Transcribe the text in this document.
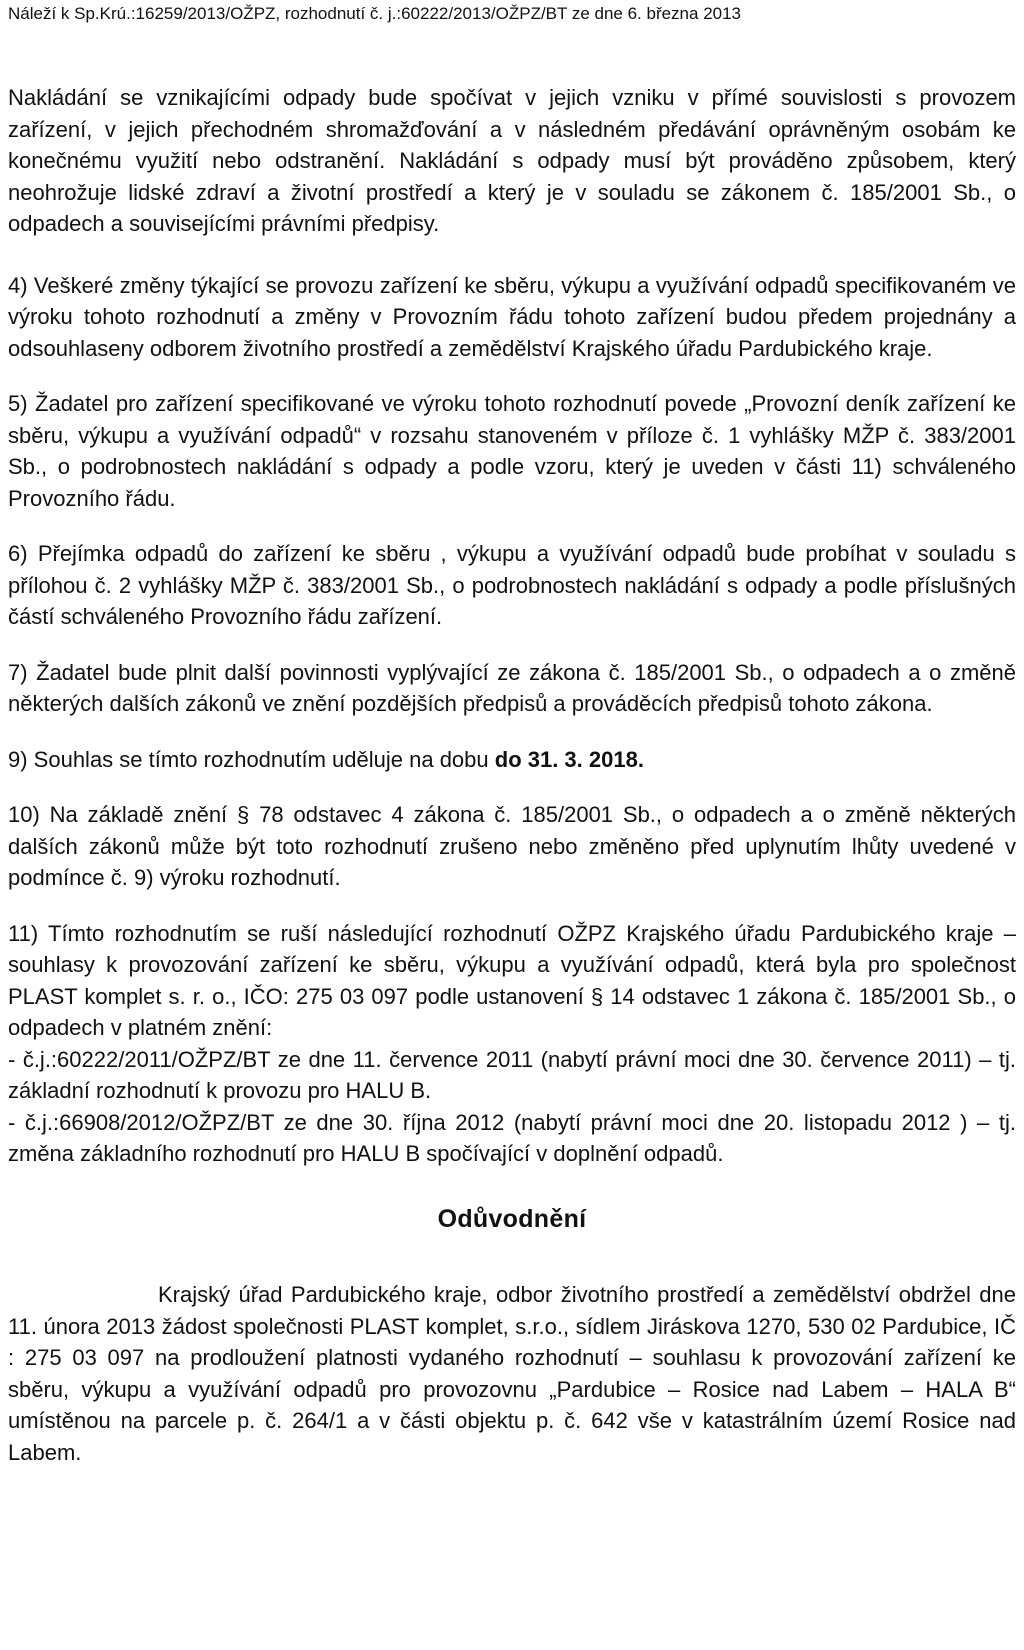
Náleží k Sp.Krú.:16259/2013/OŽPZ, rozhodnutí č. j.:60222/2013/OŽPZ/BT ze dne 6. března 2013

Nakládání se vznikajícími odpady bude spočívat v jejich vzniku v přímé souvislosti s provozem zařízení, v jejich přechodném shromažďování a v následném předávání oprávněným osobám ke konečnému využití nebo odstranění. Nakládání s odpady musí být prováděno způsobem, který neohrožuje lidské zdraví a životní prostředí a který je v souladu se zákonem č. 185/2001 Sb., o odpadech a souvisejícími právními předpisy.

4) Veškeré změny týkající se provozu zařízení ke sběru, výkupu a využívání odpadů specifikovaném ve výroku tohoto rozhodnutí a změny v Provozním řádu tohoto zařízení budou předem projednány a odsouhlaseny odborem životního prostředí a zemědělství Krajského úřadu Pardubického kraje.

5) Žadatel pro zařízení specifikované ve výroku tohoto rozhodnutí povede „Provozní deník zařízení ke sběru, výkupu a využívání odpadů“ v rozsahu stanoveném v příloze č. 1 vyhlášky MŽP č. 383/2001 Sb., o podrobnostech nakládání s odpady a podle vzoru, který je uveden v části 11) schváleného Provozního řádu.

6) Přejímka odpadů do zařízení ke sběru , výkupu a využívání odpadů bude probíhat v souladu s přílohou č. 2 vyhlášky MŽP č. 383/2001 Sb., o podrobnostech nakládání s odpady a podle příslušných částí schváleného Provozního řádu zařízení.

7) Žadatel bude plnit další povinnosti vyplývající ze zákona č. 185/2001 Sb., o odpadech a o změně některých dalších zákonů ve znění pozdějších předpisů a prováděcích předpisů tohoto zákona.

9) Souhlas se tímto rozhodnutím uděluje na dobu do 31. 3. 2018.

10) Na základě znění § 78 odstavec 4 zákona č. 185/2001 Sb., o odpadech a o změně některých dalších zákonů může být toto rozhodnutí zrušeno nebo změněno před uplynutím lhůty uvedené v podmínce č. 9) výroku rozhodnutí.

11) Tímto rozhodnutím se ruší následující rozhodnutí OŽPZ Krajského úřadu Pardubického kraje – souhlasy k provozování zařízení ke sběru, výkupu a využívání odpadů, která byla pro společnost PLAST komplet s. r. o., IČO: 275 03 097 podle ustanovení § 14 odstavec 1 zákona č. 185/2001 Sb., o odpadech v platném znění:

- č.j.:60222/2011/OŽPZ/BT ze dne 11. července 2011 (nabytí právní moci dne 30. července 2011) – tj. základní rozhodnutí k provozu pro HALU B.

- č.j.:66908/2012/OŽPZ/BT ze dne 30. října 2012 (nabytí právní moci dne 20. listopadu 2012 ) – tj. změna základního rozhodnutí pro HALU B spočívající v doplnění odpadů.

Odůvodnění

Krajský úřad Pardubického kraje, odbor životního prostředí a zemědělství obdržel dne 11. února 2013 žádost společnosti PLAST komplet, s.r.o., sídlem Jiráskova 1270, 530 02 Pardubice, IČ : 275 03 097 na prodloužení platnosti vydaného rozhodnutí – souhlasu k provozování zařízení ke sběru, výkupu a využívání odpadů pro provozovnu „Pardubice – Rosice nad Labem – HALA B“ umístěnou na parcele p. č. 264/1 a v části objektu p. č. 642 vše v katastrálním území Rosice nad Labem.
